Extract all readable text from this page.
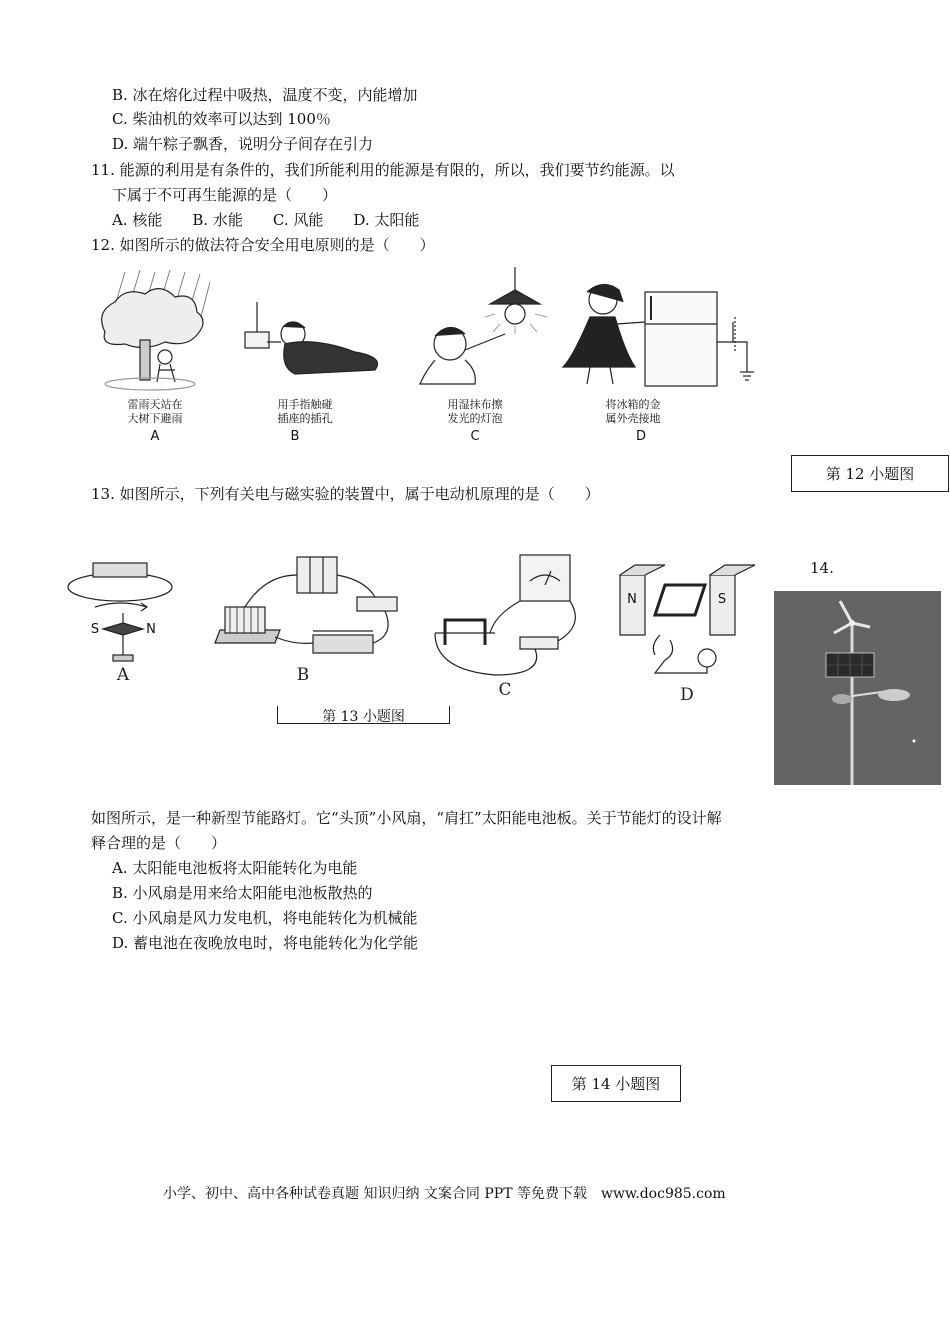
B. 冰在熔化过程中吸热，温度不变，内能增加
C. 柴油机的效率可以达到 100％
D. 端午粽子飘香，说明分子间存在引力
11. 能源的利用是有条件的，我们所能利用的能源是有限的，所以，我们要节约能源。以
下属于不可再生能源的是（　　）
A. 核能　　B. 水能　　C. 风能　　D. 太阳能
12. 如图所示的做法符合安全用电原则的是（　　）
雷雨天站在
大树下避雨
A
用手指触碰
插座的插孔
B
用湿抹布擦
发光的灯泡
C
将冰箱的金
属外壳接地
D
第 12 小题图
13. 如图所示，下列有关电与磁实验的装置中，属于电动机原理的是（　　）
S	N
N	S
A	B
C	D
第 13 小题图
14.
如图所示，是一种新型节能路灯。它“头顶”小风扇，“肩扛”太阳能电池板。关于节能灯的设计解
释合理的是（　　）
A. 太阳能电池板将太阳能转化为电能
B. 小风扇是用来给太阳能电池板散热的
C. 小风扇是风力发电机，将电能转化为机械能
D. 蓄电池在夜晚放电时，将电能转化为化学能
第 14 小题图
小学、初中、高中各种试卷真题 知识归纳 文案合同 PPT 等免费下载　www.doc985.com
